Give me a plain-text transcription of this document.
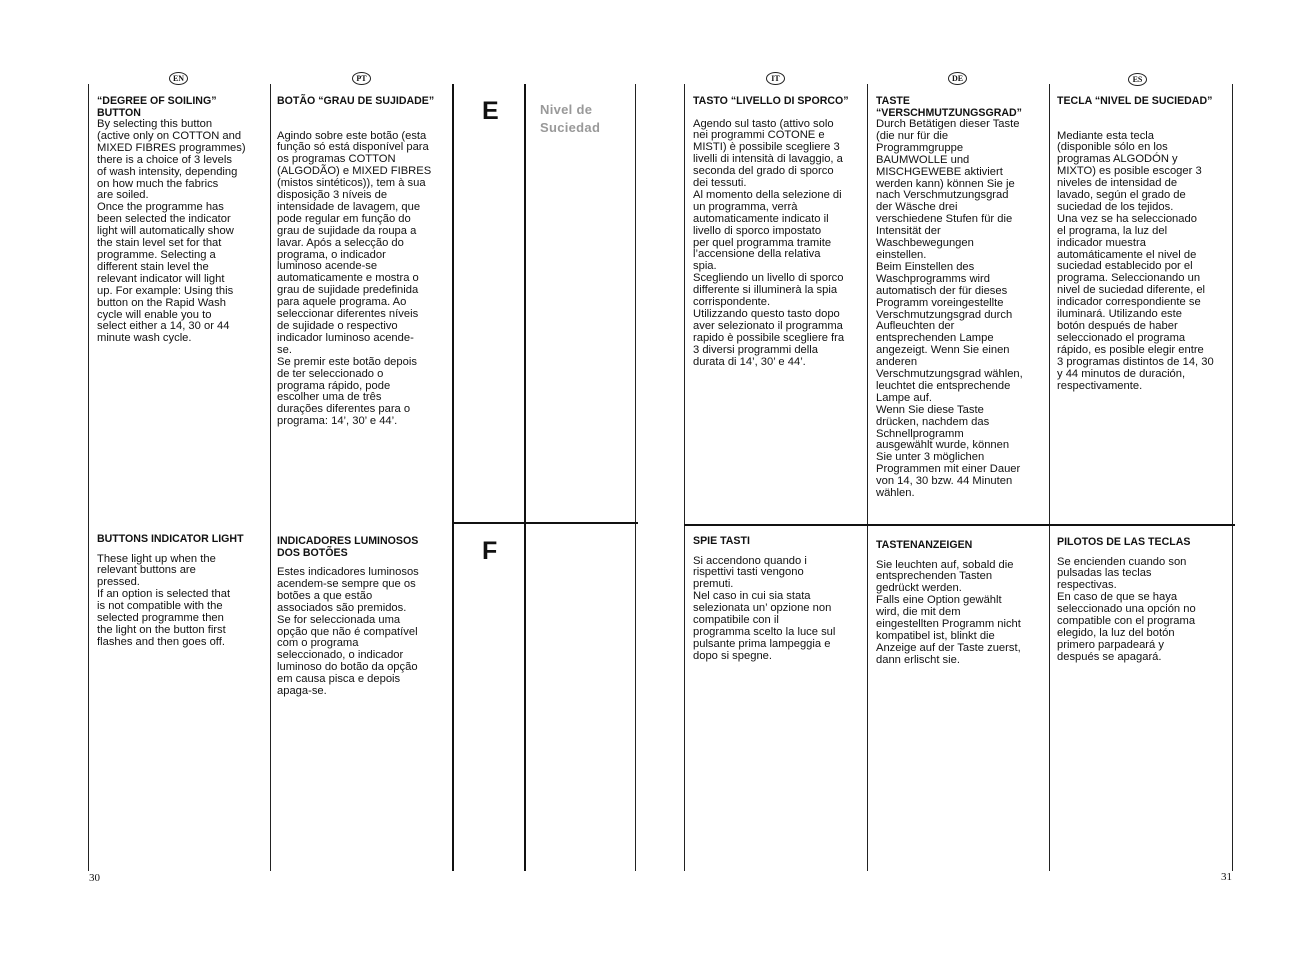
EN	PT	IT	DE	ES
E
F
Nivel de
Suciedad
“DEGREE OF SOILING”
BUTTON
By selecting this button
(active only on COTTON and
MIXED FIBRES programmes)
there is a choice of 3 levels
of wash intensity, depending
on how much the fabrics
are soiled.
Once the programme has
been selected the indicator
light will automatically show
the stain level set for that
programme. Selecting a
different stain level the
relevant indicator will light
up. For example: Using this
button on the Rapid Wash
cycle will enable you to
select either a 14, 30 or 44
minute wash cycle.
BOTÃO “GRAU DE SUJIDADE”
Agindo sobre este botão (esta
função só está disponível para
os programas COTTON
(ALGODÃO) e MIXED FIBRES
(mistos sintéticos)), tem à sua
disposição 3 níveis de
intensidade de lavagem, que
pode regular em função do
grau de sujidade da roupa a
lavar. Após a selecção do
programa, o indicador
luminoso acende-se
automaticamente e mostra o
grau de sujidade predefinida
para aquele programa. Ao
seleccionar diferentes níveis
de sujidade o respectivo
indicador luminoso acende-
se.
Se premir este botão depois
de ter seleccionado o
programa rápido, pode
escolher uma de três
durações diferentes para o
programa: 14’, 30’ e 44’.
TASTO “LIVELLO DI SPORCO”
Agendo sul tasto (attivo solo
nei programmi COTONE e
MISTI) è possibile scegliere 3
livelli di intensità di lavaggio, a
seconda del grado di sporco
dei tessuti.
Al momento della selezione di
un programma, verrà
automaticamente indicato il
livello di sporco impostato
per quel programma tramite
l’accensione della relativa
spia.
Scegliendo un livello di sporco
differente si illuminerà la spia
corrispondente.
Utilizzando questo tasto dopo
aver selezionato il programma
rapido è possibile scegliere fra
3 diversi programmi della
durata di 14’, 30’ e 44’.
TASTE
“VERSCHMUTZUNGSGRAD”
Durch Betätigen dieser Taste
(die nur für die
Programmgruppe
BAUMWOLLE und
MISCHGEWEBE aktiviert
werden kann) können Sie je
nach Verschmutzungsgrad
der Wäsche drei
verschiedene Stufen für die
Intensität der
Waschbewegungen
einstellen.
Beim Einstellen des
Waschprogramms wird
automatisch der für dieses
Programm voreingestellte
Verschmutzungsgrad durch
Aufleuchten der
entsprechenden Lampe
angezeigt. Wenn Sie einen
anderen
Verschmutzungsgrad wählen,
leuchtet die entsprechende
Lampe auf.
Wenn Sie diese Taste
drücken, nachdem das
Schnellprogramm
ausgewählt wurde, können
Sie unter 3 möglichen
Programmen mit einer Dauer
von 14, 30 bzw. 44 Minuten
wählen.
TECLA “NIVEL DE SUCIEDAD”
Mediante esta tecla
(disponible sólo en los
programas ALGODÓN y
MIXTO) es posible escoger 3
niveles de intensidad de
lavado, según el grado de
suciedad de los tejidos.
Una vez se ha seleccionado
el programa, la luz del
indicador muestra
automáticamente el nivel de
suciedad establecido por el
programa. Seleccionando un
nivel de suciedad diferente, el
indicador correspondiente se
iluminará. Utilizando este
botón después de haber
seleccionado el programa
rápido, es posible elegir entre
3 programas distintos de 14, 30
y 44 minutos de duración,
respectivamente.
BUTTONS INDICATOR LIGHT
These light up when the
relevant buttons are
pressed.
If an option is selected that
is not compatible with the
selected programme then
the light on the button first
flashes and then goes off.
INDICADORES LUMINOSOS
DOS BOTÕES
Estes indicadores luminosos
acendem-se sempre que os
botões a que estão
associados são premidos.
Se for seleccionada uma
opção que não é compatível
com o programa
seleccionado, o indicador
luminoso do botão da opção
em causa pisca e depois
apaga-se.
SPIE TASTI
Si accendono quando i
rispettivi tasti vengono
premuti.
Nel caso in cui sia stata
selezionata un’ opzione non
compatibile con il
programma scelto la luce sul
pulsante prima lampeggia e
dopo si spegne.
TASTENANZEIGEN
Sie leuchten auf, sobald die
entsprechenden Tasten
gedrückt werden.
Falls eine Option gewählt
wird, die mit dem
eingestellten Programm nicht
kompatibel ist, blinkt die
Anzeige auf der Taste zuerst,
dann erlischt sie.
PILOTOS DE LAS TECLAS
Se encienden cuando son
pulsadas las teclas
respectivas.
En caso de que se haya
seleccionado una opción no
compatible con el programa
elegido, la luz del botón
primero parpadeará y
después se apagará.
30	31
